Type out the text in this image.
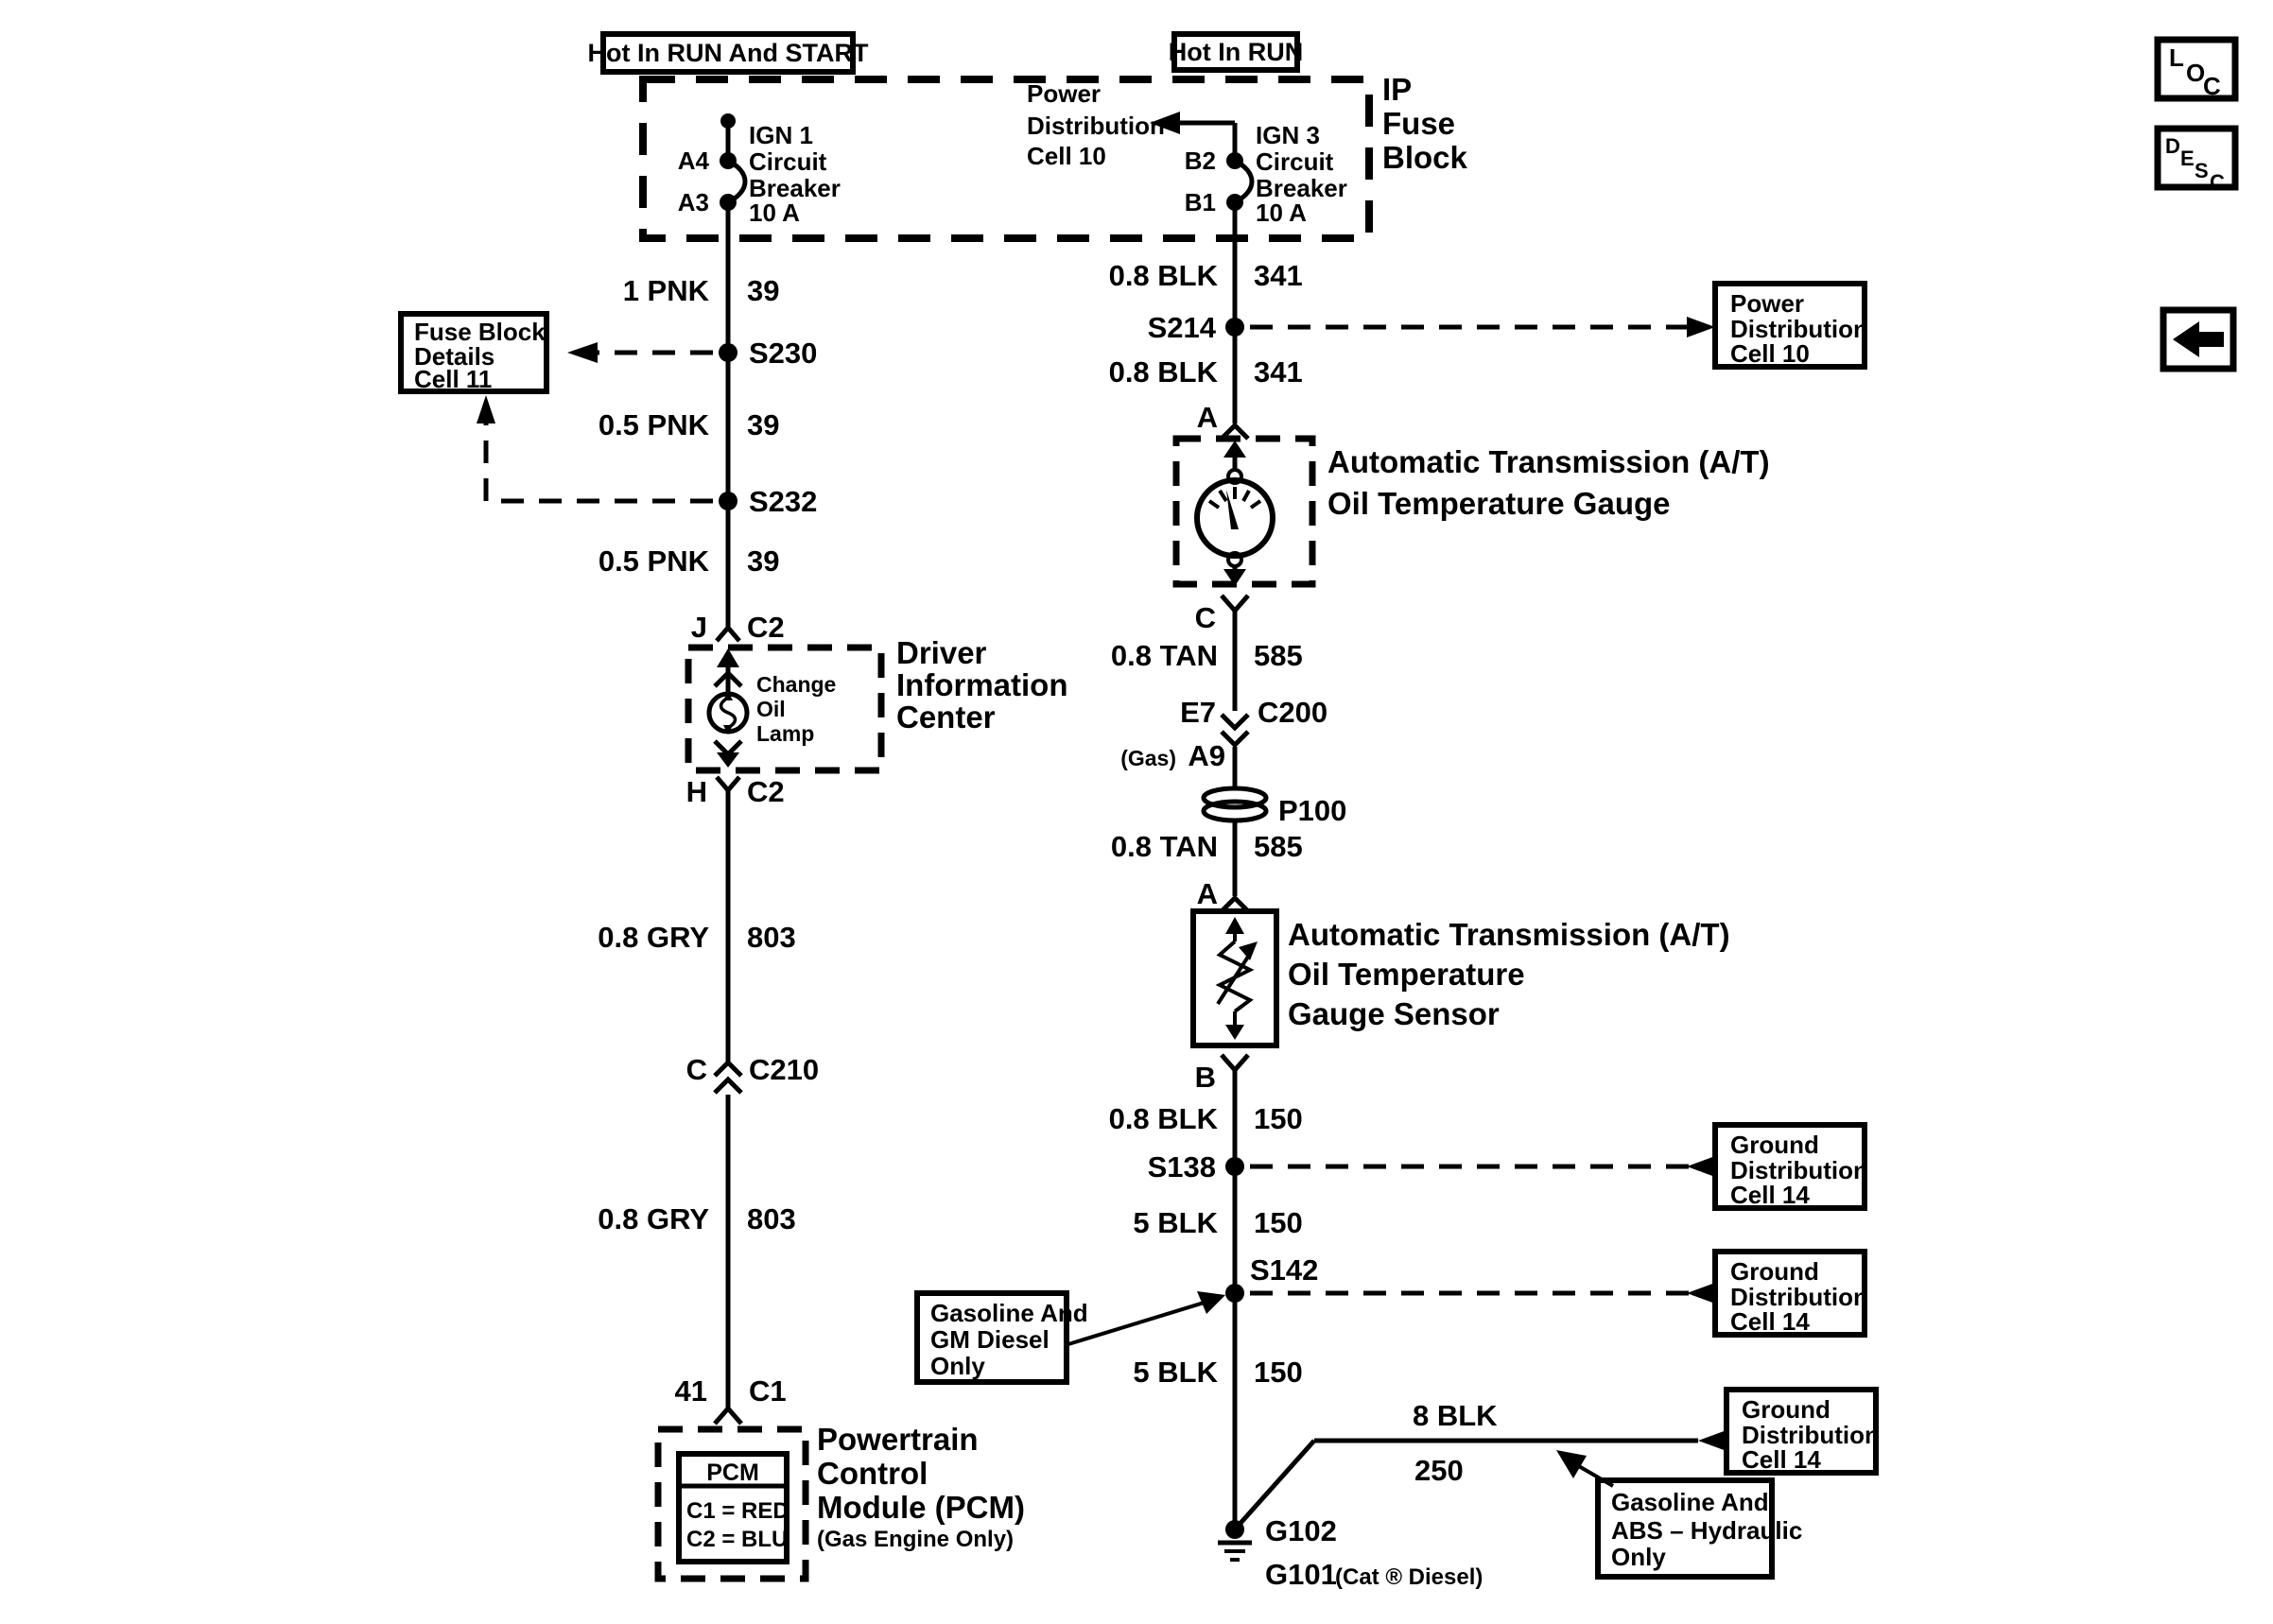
Hot In RUN And START	Hot In RUN
IP
Fuse
Block
A4
A3
IGN 1
Circuit
Breaker
10 A
B2
B1
IGN 3
Circuit
Breaker
10 A
Power
Distribution
Cell 10
1 PNK 39
S230
Fuse Block
Details
Cell 11
0.5 PNK 39
S232
0.5 PNK 39
J C2
Change
Oil
Lamp
Driver
Information
Center
H C2
0.8 GRY 803
C C210
0.8 GRY 803
41 C1
PCM
C1 = RED
C2 = BLU
Powertrain
Control
Module (PCM)
(Gas Engine Only)
0.8 BLK 341
S214
Power
Distribution
Cell 10
0.8 BLK 341
A
Automatic Transmission (A/T)
Oil Temperature Gauge
C
0.8 TAN 585
E7 C200
(Gas) A9
P100
0.8 TAN 585
A
Automatic Transmission (A/T)
Oil Temperature
Gauge Sensor
B
0.8 BLK 150
S138
Ground
Distribution
Cell 14
5 BLK 150
S142	Ground
Distribution
Cell 14
Gasoline And
GM Diesel
Only	5 BLK 150
8 BLK
250
Ground
Distribution
Cell 14
Gasoline And
ABS – Hydraulic
Only
G102
G101
(Cat ® Diesel)
L
O
C
D
E
S C
